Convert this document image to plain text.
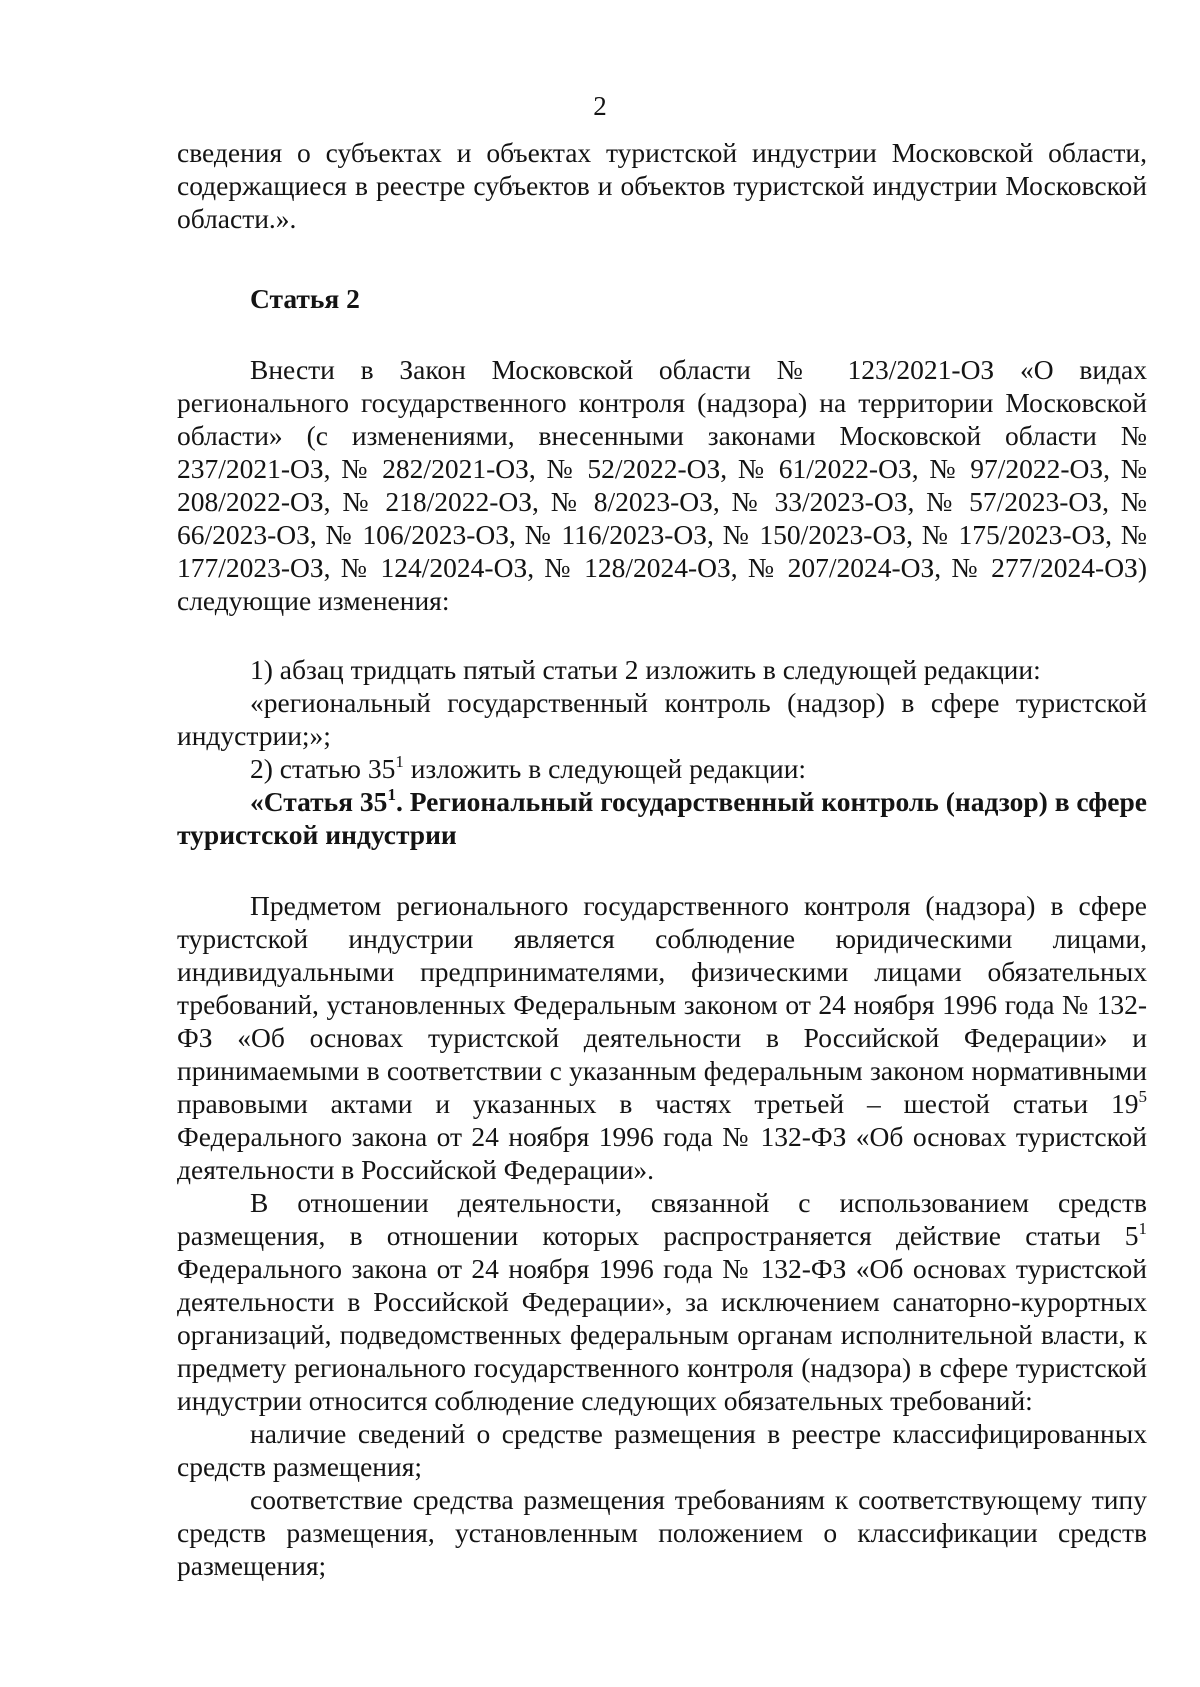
2

сведения о субъектах и объектах туристской индустрии Московской области, содержащиеся в реестре субъектов и объектов туристской индустрии Московской области.».

Статья 2

Внести в Закон Московской области № 123/2021-ОЗ «О видах регионального государственного контроля (надзора) на территории Московской области» (с изменениями, внесенными законами Московской области № 237/2021-ОЗ, № 282/2021-ОЗ, № 52/2022-ОЗ, № 61/2022-ОЗ, № 97/2022-ОЗ, № 208/2022-ОЗ, № 218/2022-ОЗ, № 8/2023-ОЗ, № 33/2023-ОЗ, № 57/2023-ОЗ, № 66/2023-ОЗ, № 106/2023-ОЗ, № 116/2023-ОЗ, № 150/2023-ОЗ, № 175/2023-ОЗ, № 177/2023-ОЗ, № 124/2024-ОЗ, № 128/2024-ОЗ, № 207/2024-ОЗ, № 277/2024-ОЗ) следующие изменения:

1) абзац тридцать пятый статьи 2 изложить в следующей редакции:

«региональный государственный контроль (надзор) в сфере туристской индустрии;»;

2) статью $35^1$ изложить в следующей редакции:

«Статья $35^1$. Региональный государственный контроль (надзор) в сфере туристской индустрии

Предметом регионального государственного контроля (надзора) в сфере туристской индустрии является соблюдение юридическими лицами, индивидуальными предпринимателями, физическими лицами обязательных требований, установленных Федеральным законом от 24 ноября 1996 года № 132-ФЗ «Об основах туристской деятельности в Российской Федерации» и принимаемыми в соответствии с указанным федеральным законом нормативными правовыми актами и указанных в частях третьей – шестой статьи $19^5$ Федерального закона от 24 ноября 1996 года № 132-ФЗ «Об основах туристской деятельности в Российской Федерации».

В отношении деятельности, связанной с использованием средств размещения, в отношении которых распространяется действие статьи $5^1$ Федерального закона от 24 ноября 1996 года № 132-ФЗ «Об основах туристской деятельности в Российской Федерации», за исключением санаторно-курортных организаций, подведомственных федеральным органам исполнительной власти, к предмету регионального государственного контроля (надзора) в сфере туристской индустрии относится соблюдение следующих обязательных требований:

наличие сведений о средстве размещения в реестре классифицированных средств размещения;

соответствие средства размещения требованиям к соответствующему типу средств размещения, установленным положением о классификации средств размещения;
